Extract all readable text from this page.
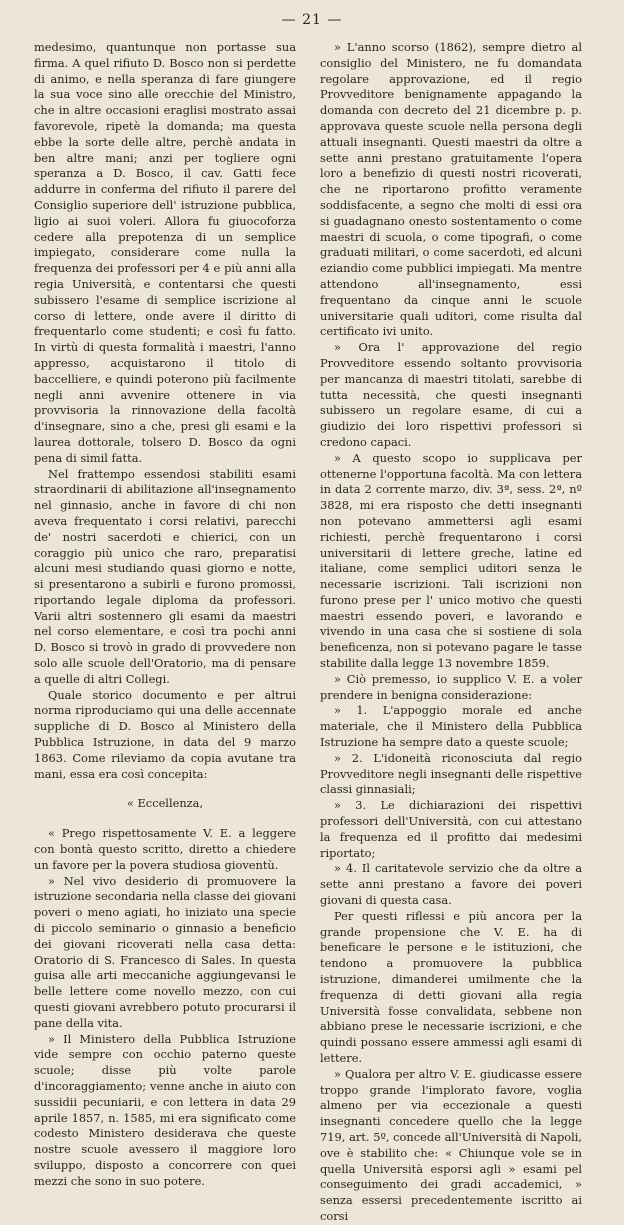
— 21 —

medesimo, quantunque non portasse sua firma. A quel rifiuto D. Bosco non si perdette di animo, e nella speranza di fare giungere la sua voce sino alle orecchie del Ministro, che in altre occasioni eraglisi mostrato assai favorevole, ripetè la domanda; ma questa ebbe la sorte delle altre, perchè andata in ben altre mani; anzi per togliere ogni speranza a D. Bosco, il cav. Gatti fece addurre in conferma del rifiuto il parere del Consiglio superiore dell' istruzione pubblica, ligio ai suoi voleri. Allora fu giuocoforza cedere alla prepotenza di un semplice impiegato, considerare come nulla la frequenza dei professori per 4 e più anni alla regia Università, e contentarsi che questi subissero l'esame di semplice iscrizione al corso di lettere, onde avere il diritto di frequentarlo come studenti; e così fu fatto. In virtù di questa formalità i maestri, l'anno appresso, acquistarono il titolo di baccelliere, e quindi poterono più facilmente negli anni avvenire ottenere in via provvisoria la rinnovazione della facoltà d'insegnare, sino a che, presi gli esami e la laurea dottorale, tolsero D. Bosco da ogni pena di simil fatta.

Nel frattempo essendosi stabiliti esami straordinarii di abilitazione all'insegnamento nel ginnasio, anche in favore di chi non aveva frequentato i corsi relativi, parecchi de' nostri sacerdoti e chierici, con un coraggio più unico che raro, preparatisi alcuni mesi studiando quasi giorno e notte, si presentarono a subirli e furono promossi, riportando legale diploma da professori. Varii altri sostennero gli esami da maestri nel corso elementare, e così tra pochi anni D. Bosco si trovò in grado di provvedere non solo alle scuole dell'Oratorio, ma di pensare a quelle di altri Collegi.

Quale storico documento e per altrui norma riproduciamo qui una delle accennate suppliche di D. Bosco al Ministero della Pubblica Istruzione, in data del 9 marzo 1863. Come rileviamo da copia avutane tra mani, essa era così concepita:

« Eccellenza,

« Prego rispettosamente V. E. a leggere con bontà questo scritto, diretto a chiedere un favore per la povera studiosa gioventù.

» Nel vivo desiderio di promuovere la istruzione secondaria nella classe dei giovani poveri o meno agiati, ho iniziato una specie di piccolo seminario o ginnasio a beneficio dei giovani ricoverati nella casa detta: Oratorio di S. Francesco di Sales. In questa guisa alle arti meccaniche aggiungevansi le belle lettere come novello mezzo, con cui questi giovani avrebbero potuto procurarsi il pane della vita.

» Il Ministero della Pubblica Istruzione vide sempre con occhio paterno queste scuole; disse più volte parole d'incoraggiamento; venne anche in aiuto con sussidii pecuniarii, e con lettera in data 29 aprile 1857, n. 1585, mi era significato come codesto Ministero desiderava che queste nostre scuole avessero il maggiore loro sviluppo, disposto a concorrere con quei mezzi che sono in suo potere.

» L'anno scorso (1862), sempre dietro al consiglio del Ministero, ne fu domandata regolare approvazione, ed il regio Provveditore benignamente appagando la domanda con decreto del 21 dicembre p. p. approvava queste scuole nella persona degli attuali insegnanti. Questi maestri da oltre a sette anni prestano gratuitamente l'opera loro a benefizio di questi nostri ricoverati, che ne riportarono profitto veramente soddisfacente, a segno che molti di essi ora si guadagnano onesto sostentamento o come maestri di scuola, o come tipografi, o come graduati militari, o come sacerdoti, ed alcuni eziandio come pubblici impiegati. Ma mentre attendono all'insegnamento, essi frequentano da cinque anni le scuole universitarie quali uditori, come risulta dal certificato ivi unito.

» Ora l' approvazione del regio Provveditore essendo soltanto provvisoria per mancanza di maestri titolati, sarebbe di tutta necessità, che questi insegnanti subissero un regolare esame, di cui a giudizio dei loro rispettivi professori si credono capaci.

» A questo scopo io supplicava per ottenerne l'opportuna facoltà. Ma con lettera in data 2 corrente marzo, div. 3ª, sess. 2ª, nº 3828, mi era risposto che detti insegnanti non potevano ammettersi agli esami richiesti, perchè frequentarono i corsi universitarii di lettere greche, latine ed italiane, come semplici uditori senza le necessarie iscrizioni. Tali iscrizioni non furono prese per l' unico motivo che questi maestri essendo poveri, e lavorando e vivendo in una casa che si sostiene di sola beneficenza, non si potevano pagare le tasse stabilite dalla legge 13 novembre 1859.

» Ciò premesso, io supplico V. E. a voler prendere in benigna considerazione:

» 1. L'appoggio morale ed anche materiale, che il Ministero della Pubblica Istruzione ha sempre dato a queste scuole;

» 2. L'idoneità riconosciuta dal regio Provveditore negli insegnanti delle rispettive classi ginnasiali;

» 3. Le dichiarazioni dei rispettivi professori dell'Università, con cui attestano la frequenza ed il profitto dai medesimi riportato;

» 4. Il caritatevole servizio che da oltre a sette anni prestano a favore dei poveri giovani di questa casa.

Per questi riflessi e più ancora per la grande propensione che V. E. ha di beneficare le persone e le istituzioni, che tendono a promuovere la pubblica istruzione, dimanderei umilmente che la frequenza di detti giovani alla regia Università fosse convalidata, sebbene non abbiano prese le necessarie iscrizioni, e che quindi possano essere ammessi agli esami di lettere.

» Qualora per altro V. E. giudicasse essere troppo grande l'implorato favore, voglia almeno per via eccezionale a questi insegnanti concedere quello che la legge 719, art. 5º, concede all'Università di Napoli, ove è stabilito che: « Chiunque vole se in quella Università esporsi agli » esami pel conseguimento dei gradi accademici, » senza essersi precedentemente iscritto ai corsi
